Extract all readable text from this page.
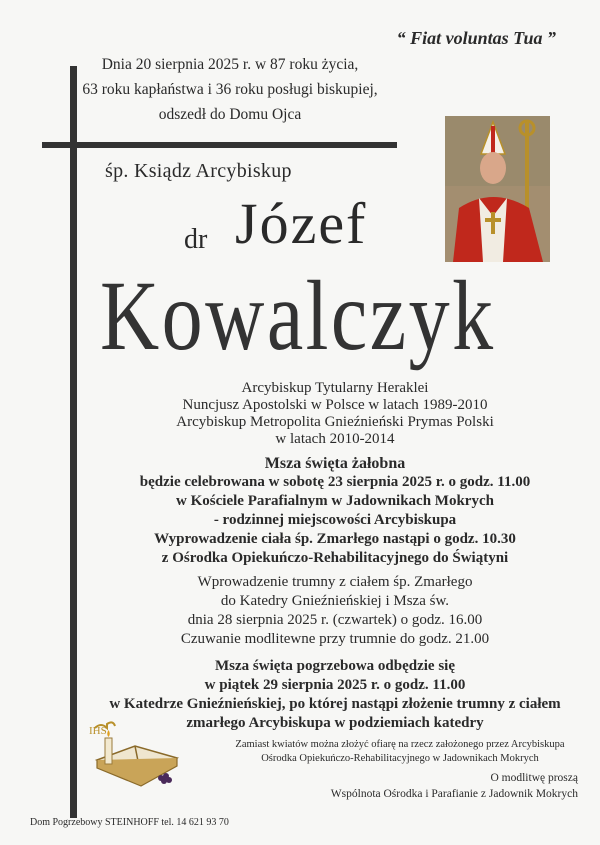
“ Fiat voluntas Tua ”
Dnia 20 sierpnia 2025 r. w 87 roku życia,
63 roku kapłaństwa i 36 roku posługi biskupiej,
odszedł do Domu Ojca
śp. Ksiądz Arcybiskup
dr Józef
Kowalczyk
Arcybiskup Tytularny Heraklei
Nuncjusz Apostolski w Polsce w latach 1989-2010
Arcybiskup Metropolita Gnieźnieński Prymas Polski
w latach 2010-2014
Msza święta żałobna
będzie celebrowana w sobotę 23 sierpnia 2025 r. o godz. 11.00
w Kościele Parafialnym w Jadownikach Mokrych
- rodzinnej miejscowości Arcybiskupa
Wyprowadzenie ciała śp. Zmarłego nastąpi o godz. 10.30
z Ośrodka Opiekuńczo-Rehabilitacyjnego do Świątyni
Wprowadzenie trumny z ciałem śp. Zmarłego
do Katedry Gnieźnieńskiej i Msza św.
dnia 28 sierpnia 2025 r. (czwartek) o godz. 16.00
Czuwanie modlitewne przy trumnie do godz. 21.00
Msza święta pogrzebowa odbędzie się
w piątek 29 sierpnia 2025 r. o godz. 11.00
w Katedrze Gnieźnieńskiej, po której nastąpi złożenie trumny z ciałem
zmarłego Arcybiskupa w podziemiach katedry
IHS
Zamiast kwiatów można złożyć ofiarę na rzecz założonego przez Arcybiskupa
Ośrodka Opiekuńczo-Rehabilitacyjnego w Jadownikach Mokrych
O modlitwę proszą
Wspólnota Ośrodka i Parafianie z Jadownik Mokrych
Dom Pogrzebowy STEINHOFF tel. 14 621 93 70
